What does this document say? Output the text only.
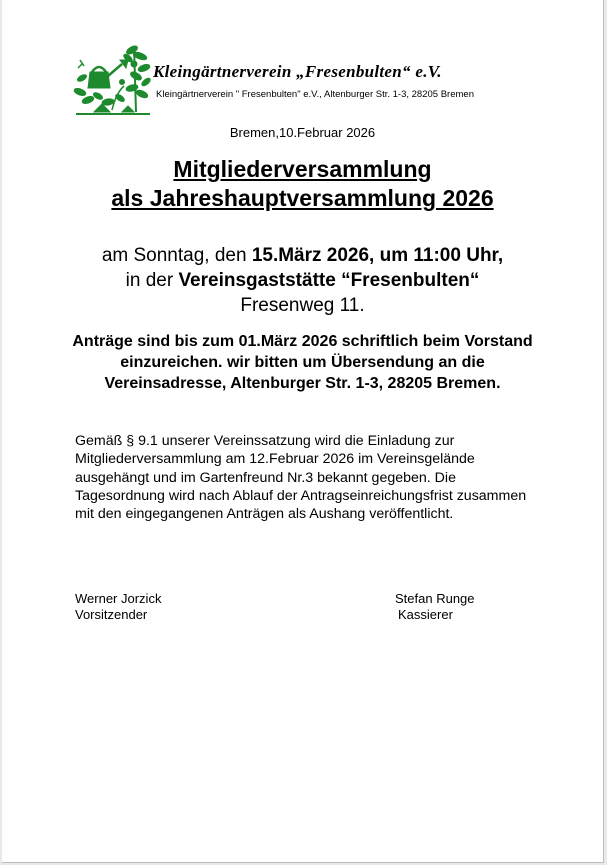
Kleingärtnerverein „Fresenbulten“ e.V.
Kleingärtnerverein " Fresenbulten" e.V., Altenburger Str. 1-3, 28205 Bremen
Bremen,10.Februar 2026
Mitgliederversammlung
als Jahreshauptversammlung 2026
am Sonntag, den 15.März 2026, um 11:00 Uhr,
in der Vereinsgaststätte “Fresenbulten“
Fresenweg 11.
Anträge sind bis zum 01.März 2026 schriftlich beim Vorstand einzureichen. wir bitten um Übersendung an die Vereinsadresse, Altenburger Str. 1-3, 28205 Bremen.
Gemäß § 9.1 unserer Vereinssatzung wird die Einladung zur Mitgliederversammlung am 12.Februar 2026 im Vereinsgelände ausgehängt und im Gartenfreund Nr.3 bekannt gegeben. Die Tagesordnung wird nach Ablauf der Antragseinreichungsfrist zusammen mit den eingegangenen Anträgen als Aushang veröffentlicht.
Werner Jorzick
Vorsitzender
Stefan Runge
Kassierer
